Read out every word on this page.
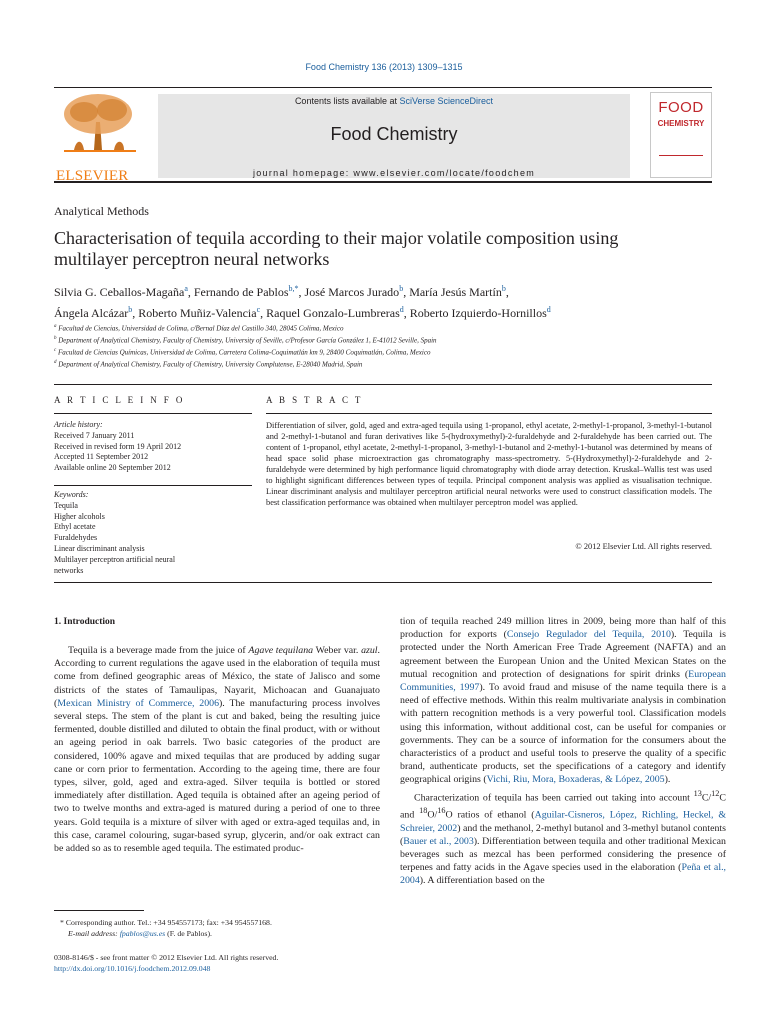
Food Chemistry 136 (2013) 1309–1315
ELSEVIER
Contents lists available at SciVerse ScienceDirect
Food Chemistry
journal homepage: www.elsevier.com/locate/foodchem
FOOD
CHEMISTRY
Analytical Methods
Characterisation of tequila according to their major volatile composition using
multilayer perceptron neural networks
Silvia G. Ceballos-Magaña$^a$, Fernando de Pablos$^{b,*}$, José Marcos Jurado$^b$, María Jesús Martín$^b$,
Ángela Alcázar$^b$, Roberto Muñiz-Valencia$^c$, Raquel Gonzalo-Lumbreras$^d$, Roberto Izquierdo-Hornillos$^d$
$^a$ Facultad de Ciencias, Universidad de Colima, c/Bernal Díaz del Castillo 340, 28045 Colima, Mexico
$^b$ Department of Analytical Chemistry, Faculty of Chemistry, University of Seville, c/Profesor García González 1, E-41012 Seville, Spain
$^c$ Facultad de Ciencias Químicas, Universidad de Colima, Carretera Colima-Coquimatlán km 9, 28400 Coquimatlán, Colima, Mexico
$^d$ Department of Analytical Chemistry, Faculty of Chemistry, University Complutense, E-28040 Madrid, Spain
A R T I C L E I N F O	A B S T R A C T
Article history:
Received 7 January 2011
Received in revised form 19 April 2012
Accepted 11 September 2012
Available online 20 September 2012
Keywords:
Tequila
Higher alcohols
Ethyl acetate
Furaldehydes
Linear discriminant analysis
Multilayer perceptron artificial neural
networks
Differentiation of silver, gold, aged and extra-aged tequila using 1-propanol, ethyl acetate, 2-methyl-1-propanol, 3-methyl-1-butanol and 2-methyl-1-butanol and furan derivatives like 5-(hydroxymethyl)-2-furaldehyde and 2-furaldehyde has been carried out. The content of 1-propanol, ethyl acetate, 2-methyl-1-propanol, 3-methyl-1-butanol and 2-methyl-1-butanol was determined by means of head space solid phase microextraction gas chromatography mass-spectrometry. 5-(Hydroxymethyl)-2-furaldehyde and 2-furaldehyde were determined by high performance liquid chromatography with diode array detection. Kruskal–Wallis test was used to highlight significant differences between types of tequila. Principal component analysis was applied as visualisation technique. Linear discriminant analysis and multilayer perceptron artificial neural networks were used to construct classification models. The best classification performance was obtained when multilayer perceptron model was applied.
© 2012 Elsevier Ltd. All rights reserved.
1. Introduction

Tequila is a beverage made from the juice of Agave tequilana Weber var. azul. According to current regulations the agave used in the elaboration of tequila must come from defined geographic areas of México, the state of Jalisco and some districts of the states of Tamaulipas, Nayarit, Michoacan and Guanajuato (Mexican Ministry of Commerce, 2006). The manufacturing process involves several steps. The stem of the plant is cut and baked, being the resulting juice fermented, double distilled and diluted to obtain the final product, with or without an ageing period in oak barrels. Two basic categories of the product are considered, 100% agave and mixed tequilas that are produced by adding sugar cane or corn prior to fermentation. According to the ageing time, there are four types, silver, gold, aged and extra-aged. Silver tequila is bottled or stored immediately after distillation. Aged tequila is obtained after an ageing period of two to twelve months and extra-aged is matured during a period of one to three years. Gold tequila is a mixture of silver with aged or extra-aged tequilas and, in this case, caramel colouring, sugar-based syrup, glycerin, and/or oak extract can be added so as to resemble aged tequila. The estimated produc-

tion of tequila reached 249 million litres in 2009, being more than half of this production for exports (Consejo Regulador del Tequila, 2010). Tequila is protected under the North American Free Trade Agreement (NAFTA) and an agreement between the European Union and the United Mexican States on the mutual recognition and protection of designations for spirit drinks (European Communities, 1997). To avoid fraud and misuse of the name tequila there is a need of effective methods. Within this realm multivariate analysis in combination with pattern recognition methods is a very powerful tool. Classification models using this information, without additional cost, can be useful for companies or governments. They can be a source of information for the consumers about the characteristics of a product and useful tools to preserve the quality of a specific brand, authenticate products, set the specifications of a category and identify geographical origins (Vichi, Riu, Mora, Boxaderas, & López, 2005).

Characterization of tequila has been carried out taking into account $^{13}$C/$^{12}$C and $^{18}$O/$^{16}$O ratios of ethanol (Aguilar-Cisneros, López, Richling, Heckel, & Schreier, 2002) and the methanol, 2-methyl butanol and 3-methyl butanol contents (Bauer et al., 2003). Differentiation between tequila and other traditional Mexican beverages such as mezcal has been performed considering the presence of terpenes and fatty acids in the Agave species used in the elaboration (Peña et al., 2004). A differentiation based on the

* Corresponding author. Tel.: +34 954557173; fax: +34 954557168.
E-mail address: fpablos@us.es (F. de Pablos).
0308-8146/$ - see front matter © 2012 Elsevier Ltd. All rights reserved.
http://dx.doi.org/10.1016/j.foodchem.2012.09.048
